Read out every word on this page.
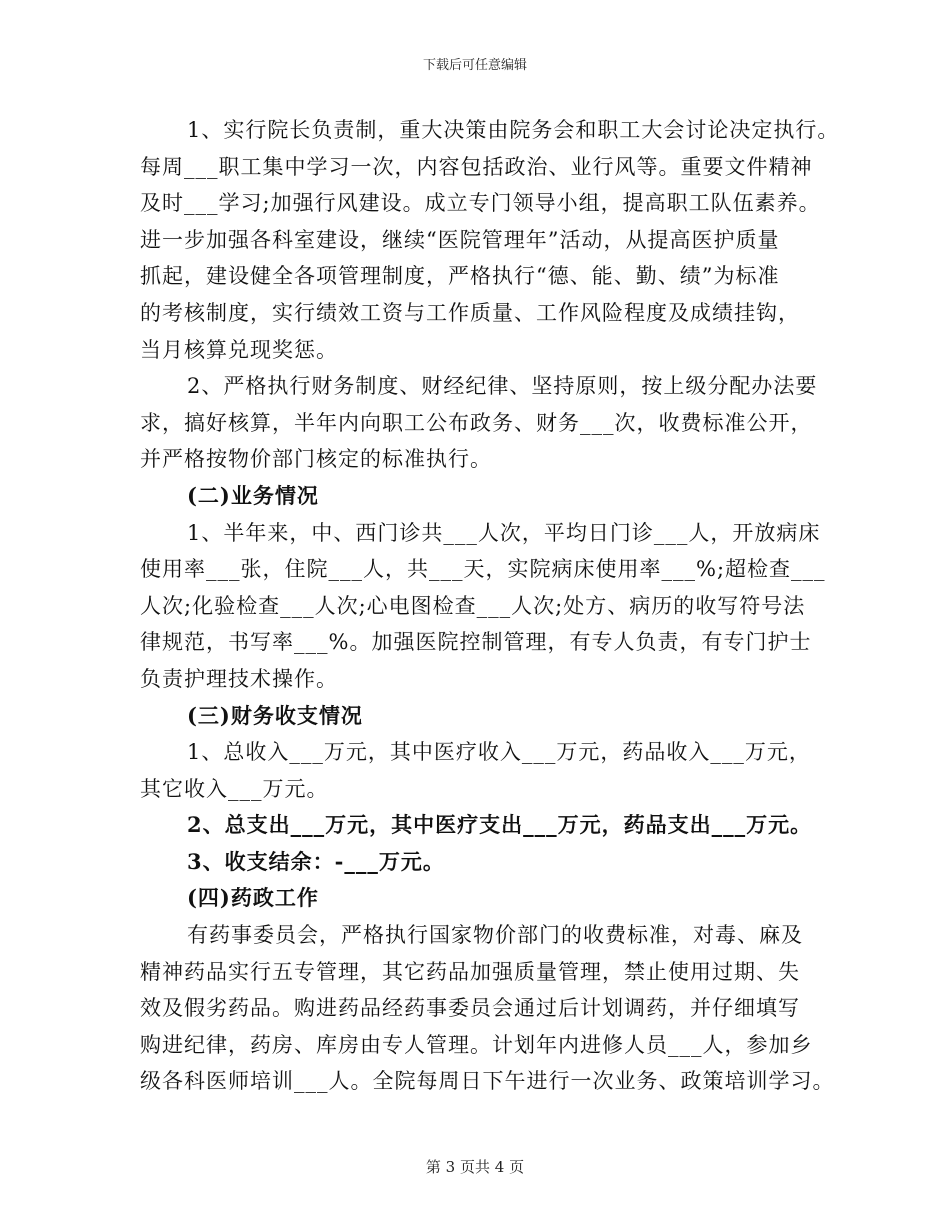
下载后可任意编辑
1、实行院长负责制，重大决策由院务会和职工大会讨论决定执行。
每周___职工集中学习一次，内容包括政治、业行风等。重要文件精神
及时___学习;加强行风建设。成立专门领导小组，提高职工队伍素养。
进一步加强各科室建设，继续“医院管理年”活动，从提高医护质量
抓起，建设健全各项管理制度，严格执行“德、能、勤、绩”为标准
的考核制度，实行绩效工资与工作质量、工作风险程度及成绩挂钩，
当月核算兑现奖惩。
2、严格执行财务制度、财经纪律、坚持原则，按上级分配办法要
求，搞好核算，半年内向职工公布政务、财务___次，收费标准公开，
并严格按物价部门核定的标准执行。
(二)业务情况
1、半年来，中、西门诊共___人次，平均日门诊___人，开放病床
使用率___张，住院___人，共___天，实院病床使用率___%;超检查___
人次;化验检查___人次;心电图检查___人次;处方、病历的收写符号法
律规范，书写率___%。加强医院控制管理，有专人负责，有专门护士
负责护理技术操作。
(三)财务收支情况
1、总收入___万元，其中医疗收入___万元，药品收入___万元，
其它收入___万元。
2、总支出___万元，其中医疗支出___万元，药品支出___万元。
3、收支结余：-___万元。
(四)药政工作
有药事委员会，严格执行国家物价部门的收费标准，对毒、麻及
精神药品实行五专管理，其它药品加强质量管理，禁止使用过期、失
效及假劣药品。购进药品经药事委员会通过后计划调药，并仔细填写
购进纪律，药房、库房由专人管理。计划年内进修人员___人，参加乡
级各科医师培训___人。全院每周日下午进行一次业务、政策培训学习。
第 3 页共 4 页
